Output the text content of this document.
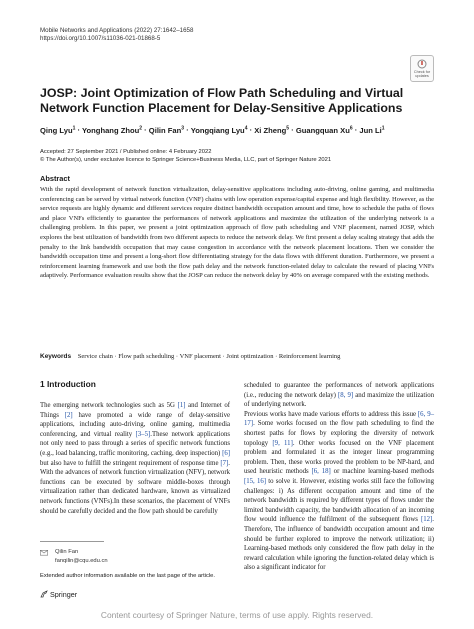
Mobile Networks and Applications (2022) 27:1642–1658
https://doi.org/10.1007/s11036-021-01868-5
Check for
updates
JOSP: Joint Optimization of Flow Path Scheduling and Virtual Network Function Placement for Delay-Sensitive Applications
Qing Lyu$^1$ · Yonghang Zhou$^2$ · Qilin Fan$^3$ · Yongqiang Lyu$^4$ · Xi Zheng$^5$ · Guangquan $Xu^6$ · Jun Li$^1$
Accepted: 27 September 2021 / Published online: 4 February 2022
© The Author(s), under exclusive licence to Springer Science+Business Media, LLC, part of Springer Nature 2021
Abstract
With the rapid development of network function virtualization, delay-sensitive applications including auto-driving, online gaming, and multimedia conferencing can be served by virtual network function (VNF) chains with low operation expense/capital expense and high flexibility. However, as the service requests are highly dynamic and different services require distinct bandwidth occupation amount and time, how to schedule the paths of flows and place VNFs efficiently to guarantee the performances of network applications and maximize the utilization of the underlying network is a challenging problem. In this paper, we present a joint optimization approach of flow path scheduling and VNF placement, named JOSP, which explores the best utilization of bandwidth from two different aspects to reduce the network delay. We first present a delay scaling strategy that adds the penalty to the link bandwidth occupation that may cause congestion in accordance with the network placement locations. Then we consider the bandwidth occupation time and present a long-short flow differentiating strategy for the data flows with different duration. Furthermore, we present a reinforcement learning framework and use both the flow path delay and the network function-related delay to calculate the reward of placing VNFs adaptively. Performance evaluation results show that the JOSP can reduce the network delay by 40% on average compared with the existing methods.
Keywords Service chain · Flow path scheduling · VNF placement · Joint optimization · Reinforcement learning
1 Introduction
The emerging network technologies such as 5G [1] and Internet of Things [2] have promoted a wide range of delay-sensitive applications, including auto-driving, online gaming, multimedia conferencing, and virtual reality [3–5].These network applications not only need to pass through a series of specific network functions (e.g., load balancing, traffic monitoring, caching, deep inspection) [6] but also have to fulfill the stringent requirement of response time [7]. With the advances of network function virtualization (NFV), network functions can be executed by software middle-boxes through virtualization rather than dedicated hardware, known as virtualized network functions (VNFs).In these scenarios, the placement of VNFs should be carefully decided and the flow path should be carefully
scheduled to guarantee the performances of network applications (i.e., reducing the network delay) [8, 9] and maximize the utilization of underlying network.
Previous works have made various efforts to address this issue [6, 9–17]. Some works focused on the flow path scheduling to find the shortest paths for flows by exploring the diversity of network topology [9, 11]. Other works focused on the VNF placement problem and formulated it as the integer linear programming problem. Then, these works proved the problem to be NP-hard, and used heuristic methods [6, 18] or machine learning-based methods [15, 16] to solve it. However, existing works still face the following challenges: i) As different occupation amount and time of the network bandwidth is required by different types of flows under the limited bandwidth capacity, the bandwidth allocation of an incoming flow would influence the fulfilment of the subsequent flows [12]. Therefore, The influence of bandwidth occupation amount and time should be further explored to improve the network utilization; ii) Learning-based methods only considered the flow path delay in the reward calculation while ignoring the function-related delay which is also a significant indicator for
Qilin Fan
fanqilin@cqu.edu.cn
Extended author information available on the last page of the article.
Springer
Content courtesy of Springer Nature, terms of use apply. Rights reserved.
